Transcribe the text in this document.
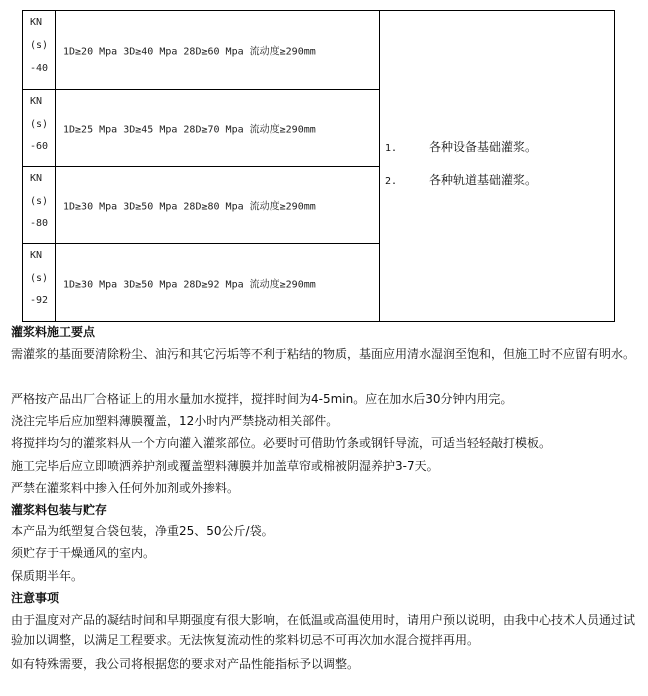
KN
(s)
-40
1D≥20 Mpa 3D≥40 Mpa 28D≥60 Mpa 流动度≥290mm
KN
(s)
-60
1D≥25 Mpa 3D≥45 Mpa 28D≥70 Mpa 流动度≥290mm
KN
(s)
-80
1D≥30 Mpa 3D≥50 Mpa 28D≥80 Mpa 流动度≥290mm
KN
(s)
-92
1D≥30 Mpa 3D≥50 Mpa 28D≥92 Mpa 流动度≥290mm
1.	各种设备基础灌浆。
2.	各种轨道基础灌浆。
灌浆料施工要点
需灌浆的基面要清除粉尘、油污和其它污垢等不利于粘结的物质，基面应用清水湿润至饱和，但施工时不应留有明水。
严格按产品出厂合格证上的用水量加水搅拌，搅拌时间为4-5min。应在加水后30分钟内用完。
浇注完毕后应加塑料薄膜覆盖，12小时内严禁挠动相关部件。
将搅拌均匀的灌浆料从一个方向灌入灌浆部位。必要时可借助竹条或钢钎导流，可适当轻轻敲打模板。
施工完毕后应立即喷洒养护剂或覆盖塑料薄膜并加盖草帘或棉被阴湿养护3-7天。
严禁在灌浆料中掺入任何外加剂或外掺料。
灌浆料包装与贮存
本产品为纸塑复合袋包装，净重25、50公斤/袋。
须贮存于干燥通风的室内。
保质期半年。
注意事项
由于温度对产品的凝结时间和早期强度有很大影响，在低温或高温使用时，请用户预以说明，由我中心技术人员通过试验加以调整，以满足工程要求。无法恢复流动性的浆料切忌不可再次加水混合搅拌再用。
如有特殊需要，我公司将根据您的要求对产品性能指标予以调整。
